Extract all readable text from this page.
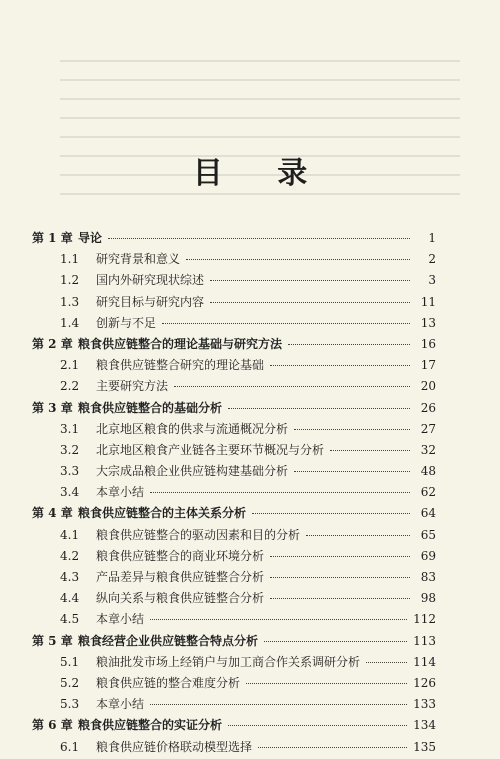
目 录
第 1 章 导论	1
1.1	研究背景和意义	2
1.2	国内外研究现状综述	3
1.3	研究目标与研究内容	11
1.4	创新与不足	13
第 2 章 粮食供应链整合的理论基础与研究方法	16
2.1	粮食供应链整合研究的理论基础	17
2.2	主要研究方法	20
第 3 章 粮食供应链整合的基础分析	26
3.1	北京地区粮食的供求与流通概况分析	27
3.2	北京地区粮食产业链各主要环节概况与分析	32
3.3	大宗成品粮企业供应链构建基础分析	48
3.4	本章小结	62
第 4 章 粮食供应链整合的主体关系分析	64
4.1	粮食供应链整合的驱动因素和目的分析	65
4.2	粮食供应链整合的商业环境分析	69
4.3	产品差异与粮食供应链整合分析	83
4.4	纵向关系与粮食供应链整合分析	98
4.5	本章小结	112
第 5 章 粮食经营企业供应链整合特点分析	113
5.1	粮油批发市场上经销户与加工商合作关系调研分析	114
5.2	粮食供应链的整合难度分析	126
5.3	本章小结	133
第 6 章 粮食供应链整合的实证分析	134
6.1	粮食供应链价格联动模型选择	135
